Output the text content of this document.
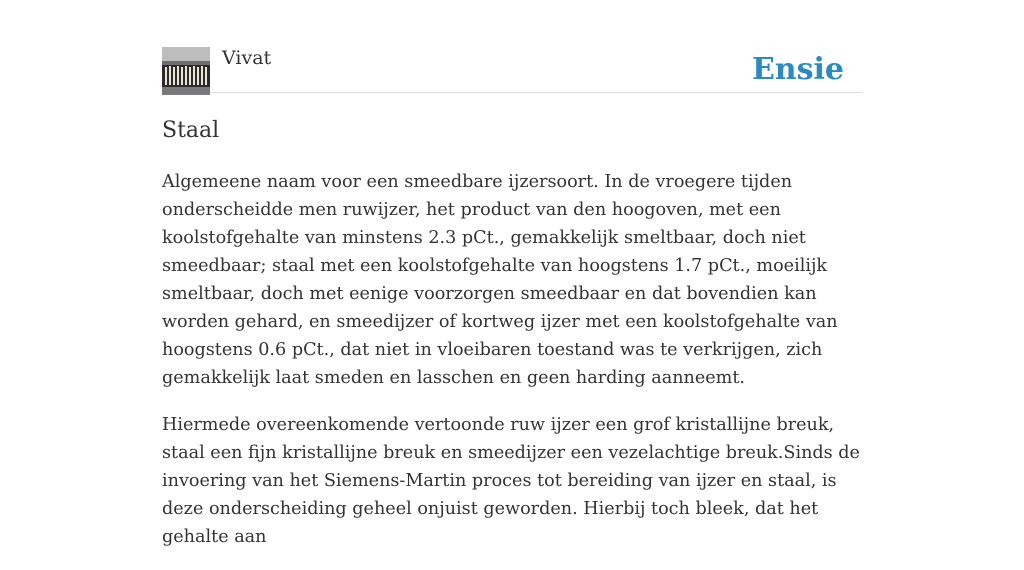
Vivat	Ensie
Staal

Algemeene naam voor een smeedbare ijzersoort. In de vroegere tijden onderscheidde men ruwijzer, het product van den hoogoven, met een koolstofgehalte van minstens 2.3 pCt., gemakkelijk smeltbaar, doch niet smeedbaar; staal met een koolstofgehalte van hoogstens 1.7 pCt., moeilijk smeltbaar, doch met eenige voorzorgen smeedbaar en dat bovendien kan worden gehard, en smeedijzer of kortweg ijzer met een koolstofgehalte van hoogstens 0.6 pCt., dat niet in vloeibaren toestand was te verkrijgen, zich gemakkelijk laat smeden en lasschen en geen harding aanneemt.

Hiermede overeenkomende vertoonde ruw ijzer een grof kristallijne breuk, staal een fijn kristallijne breuk en smeedijzer een vezelachtige breuk.Sinds de invoering van het Siemens-Martin proces tot bereiding van ijzer en staal, is deze onderscheiding geheel onjuist geworden. Hierbij toch bleek, dat het gehalte aan
